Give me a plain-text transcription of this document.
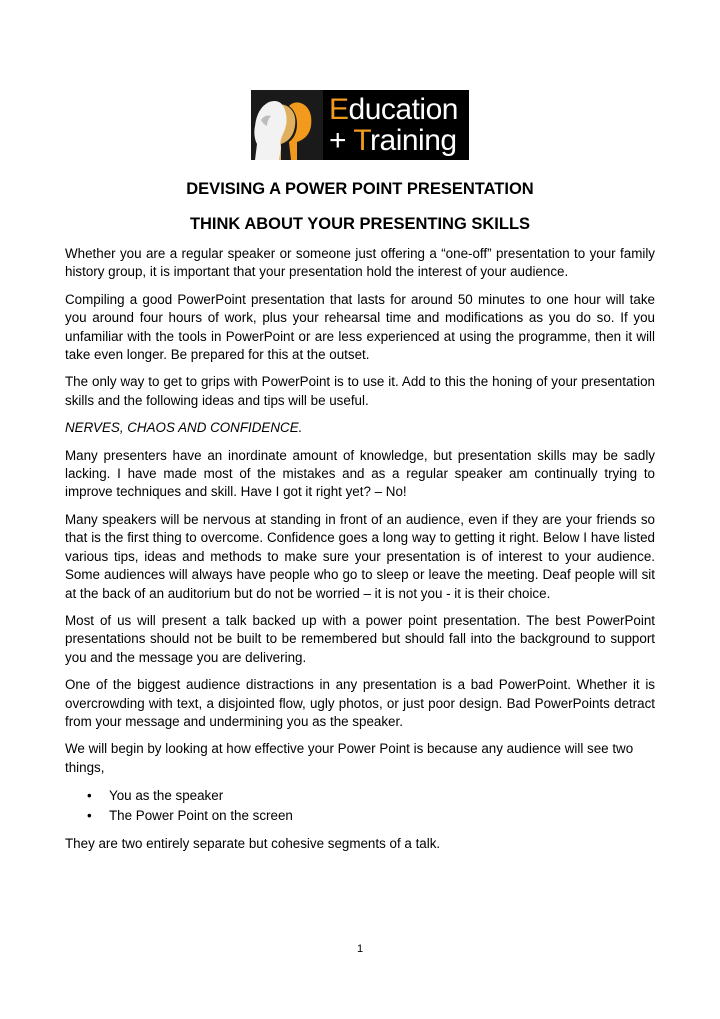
Education
+ Training
DEVISING A POWER POINT PRESENTATION
THINK ABOUT YOUR PRESENTING SKILLS

Whether you are a regular speaker or someone just offering a “one-off” presentation to your family history group, it is important that your presentation hold the interest of your audience.

Compiling a good PowerPoint presentation that lasts for around 50 minutes to one hour will take you around four hours of work, plus your rehearsal time and modifications as you do so. If you unfamiliar with the tools in PowerPoint or are less experienced at using the programme, then it will take even longer. Be prepared for this at the outset.

The only way to get to grips with PowerPoint is to use it. Add to this the honing of your presentation skills and the following ideas and tips will be useful.

NERVES, CHAOS AND CONFIDENCE.

Many presenters have an inordinate amount of knowledge, but presentation skills may be sadly lacking. I have made most of the mistakes and as a regular speaker am continually trying to improve techniques and skill. Have I got it right yet? – No!

Many speakers will be nervous at standing in front of an audience, even if they are your friends so that is the first thing to overcome. Confidence goes a long way to getting it right. Below I have listed various tips, ideas and methods to make sure your presentation is of interest to your audience. Some audiences will always have people who go to sleep or leave the meeting. Deaf people will sit at the back of an auditorium but do not be worried – it is not you - it is their choice.

Most of us will present a talk backed up with a power point presentation. The best PowerPoint presentations should not be built to be remembered but should fall into the background to support you and the message you are delivering.

One of the biggest audience distractions in any presentation is a bad PowerPoint. Whether it is overcrowding with text, a disjointed flow, ugly photos, or just poor design. Bad PowerPoints detract from your message and undermining you as the speaker.

We will begin by looking at how effective your Power Point is because any audience will see two things,

• You as the speaker
• The Power Point on the screen

They are two entirely separate but cohesive segments of a talk.

1
